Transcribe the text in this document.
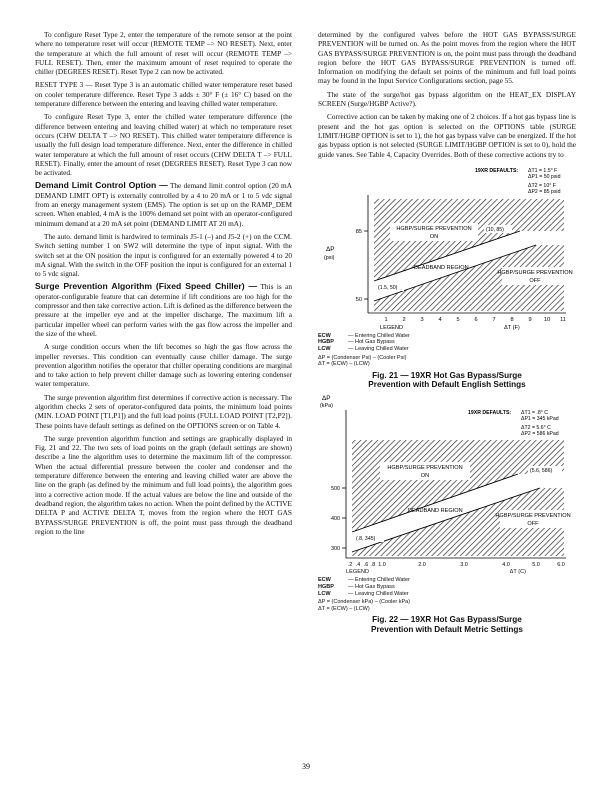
To configure Reset Type 2, enter the temperature of the remote sensor at the point where no temperature reset will occur (REMOTE TEMP –> NO RESET). Next, enter the temperature at which the full amount of reset will occur (REMOTE TEMP –> FULL RESET). Then, enter the maximum amount of reset required to operate the chiller (DEGREES RESET). Reset Type 2 can now be activated.

RESET TYPE 3 — Reset Type 3 is an automatic chilled water temperature reset based on cooler temperature difference. Reset Type 3 adds ± 30° F (± 16° C) based on the temperature difference between the entering and leaving chilled water temperature.

To configure Reset Type 3, enter the chilled water temperature difference (the difference between entering and leaving chilled water) at which no temperature reset occurs (CHW DELTA T –> NO RESET). This chilled water temperature difference is usually the full design load temperature difference. Next, enter the difference in chilled water temperature at which the full amount of reset occurs (CHW DELTA T –> FULL RESET). Finally, enter the amount of reset (DEGREES RESET). Reset Type 3 can now be activated.

Demand Limit Control Option — The demand limit control option (20 mA DEMAND LIMIT OPT) is externally controlled by a 4 to 20 mA or 1 to 5 vdc signal from an energy management system (EMS). The option is set up on the RAMP_DEM screen. When enabled, 4 mA is the 100% demand set point with an operator-configured minimum demand at a 20 mA set point (DEMAND LIMIT AT 20 mA).

The auto. demand limit is hardwired to terminals J5-1 (–) and J5-2 (+) on the CCM. Switch setting number 1 on SW2 will determine the type of input signal. With the switch set at the ON position the input is configured for an externally powered 4 to 20 mA signal. With the switch in the OFF position the input is configured for an external 1 to 5 vdc signal.

Surge Prevention Algorithm (Fixed Speed Chiller) — This is an operator-configurable feature that can determine if lift conditions are too high for the compressor and then take corrective action. Lift is defined as the difference between the pressure at the impeller eye and at the impeller discharge. The maximum lift a particular impeller wheel can perform varies with the gas flow across the impeller and the size of the wheel.

A surge condition occurs when the lift becomes so high the gas flow across the impeller reverses. This condition can eventually cause chiller damage. The surge prevention algorithm notifies the operator that chiller operating conditions are marginal and to take action to help prevent chiller damage such as lowering entering condenser water temperature.

The surge prevention algorithm first determines if corrective action is necessary. The algorithm checks 2 sets of operator-configured data points, the minimum load points (MIN. LOAD POINT [T1,P1]) and the full load points (FULL LOAD POINT [T2,P2]). These points have default settings as defined on the OPTIONS screen or on Table 4.

The surge prevention algorithm function and settings are graphically displayed in Fig. 21 and 22. The two sets of load points on the graph (default settings are shown) describe a line the algorithm uses to determine the maximum lift of the compressor. When the actual differential pressure between the cooler and condenser and the temperature difference between the entering and leaving chilled water are above the line on the graph (as defined by the minimum and full load points), the algorithm goes into a corrective action mode. If the actual values are below the line and outside of the deadband region, the algorithm takes no action. When the point defined by the ACTIVE DELTA P and ACTIVE DELTA T, moves from the region where the HOT GAS BYPASS/SURGE PREVENTION is off, the point must pass through the deadband region to the line

determined by the configured valves before the HOT GAS BYPASS/SURGE PREVENTION will be turned on. As the point moves from the region where the HOT GAS BYPASS/SURGE PREVENTION is on, the point must pass through the deadband region before the HOT GAS BYPASS/SURGE PREVENTION is turned off. Information on modifying the default set points of the minimum and full load points may be found in the Input Service Configurations section, page 55.

The state of the surge/hot gas bypass algorithm on the HEAT_EX DISPLAY SCREEN (Surge/HGBP Active?).

Corrective action can be taken by making one of 2 choices. If a hot gas bypass line is present and the hot gas option is selected on the OPTIONS table (SURGE LIMIT/HGBP OPTION is set to 1), the hot gas bypass valve can be energized. If the hot gas bypass option is not selected (SURGE LIMIT/HGBP OPTION is set to 0), hold the guide vanes. See Table 4, Capacity Overrides. Both of these corrective actions try to

19XR DEFAULTS: ΔT1 = 1.5° F
ΔP1 = 50 psid
ΔT2 = 10° F
ΔP2 = 85 psid
HGBP/SURGE PREVENTION
ON
(10, 85)
DEADBAND REGION
HGBP/SURGE PREVENTION
OFF
(1.5, 50)
85
50
ΔP
(psi)
1	2	3	4	5	6	7	8	9 10 11
LEGEND	ΔT (F)
ECW	— Entering Chilled Water
HGBP	— Hot Gas Bypass
LCW	— Leaving Chilled Water
ΔP = (Condenser Psi) – (Cooler Psi)
ΔT = (ECW) – (LCW)
Fig. 21 — 19XR Hot Gas Bypass/Surge
Prevention with Default English Settings
ΔP
(kPa)
19XR DEFAULTS: ΔT1 = .8° C
ΔP1 = 345 kPad
ΔT2 = 5.6° C
ΔP2 = 586 kPad
HGBP/SURGE PREVENTION
ON
(5.6, 586)
DEADBAND REGION
HGBP/SURGE PREVENTION
OFF
(.8, 345)
500
400
300
.2 .4 .6 .8 1.0	2.0	3.0	4.0	5.0	6.0
LEGEND	ΔT (C)
ECW	— Entering Chilled Water
HGBP	— Hot Gas Bypass
LCW	— Leaving Chilled Water
ΔP = (Condenser kPa) – (Cooler kPa)
ΔT = (ECW) – (LCW)
Fig. 22 — 19XR Hot Gas Bypass/Surge
Prevention with Default Metric Settings
39
